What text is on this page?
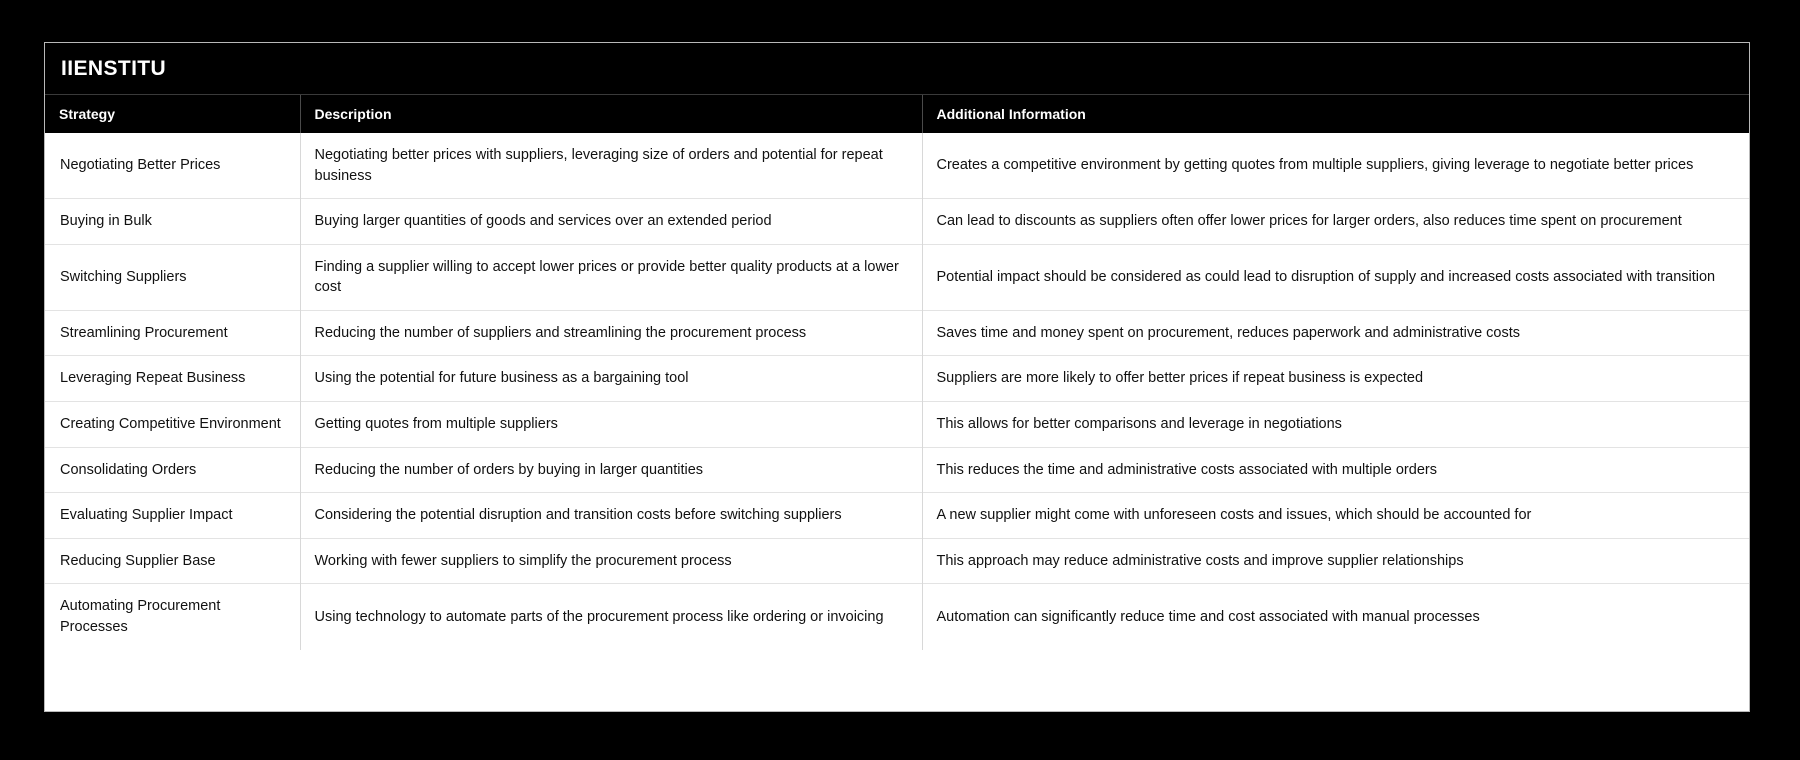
IIENSTITU
Strategy	Description	Additional Information
Negotiating Better Prices	Negotiating better prices with suppliers, leveraging size of orders and potential for repeat business	Creates a competitive environment by getting quotes from multiple suppliers, giving leverage to negotiate better prices
Buying in Bulk	Buying larger quantities of goods and services over an extended period	Can lead to discounts as suppliers often offer lower prices for larger orders, also reduces time spent on procurement
Switching Suppliers	Finding a supplier willing to accept lower prices or provide better quality products at a lower cost	Potential impact should be considered as could lead to disruption of supply and increased costs associated with transition
Streamlining Procurement	Reducing the number of suppliers and streamlining the procurement process	Saves time and money spent on procurement, reduces paperwork and administrative costs
Leveraging Repeat Business	Using the potential for future business as a bargaining tool	Suppliers are more likely to offer better prices if repeat business is expected
Creating Competitive Environment	Getting quotes from multiple suppliers	This allows for better comparisons and leverage in negotiations
Consolidating Orders	Reducing the number of orders by buying in larger quantities	This reduces the time and administrative costs associated with multiple orders
Evaluating Supplier Impact	Considering the potential disruption and transition costs before switching suppliers	A new supplier might come with unforeseen costs and issues, which should be accounted for
Reducing Supplier Base	Working with fewer suppliers to simplify the procurement process	This approach may reduce administrative costs and improve supplier relationships
Automating Procurement Processes	Using technology to automate parts of the procurement process like ordering or invoicing	Automation can significantly reduce time and cost associated with manual processes
